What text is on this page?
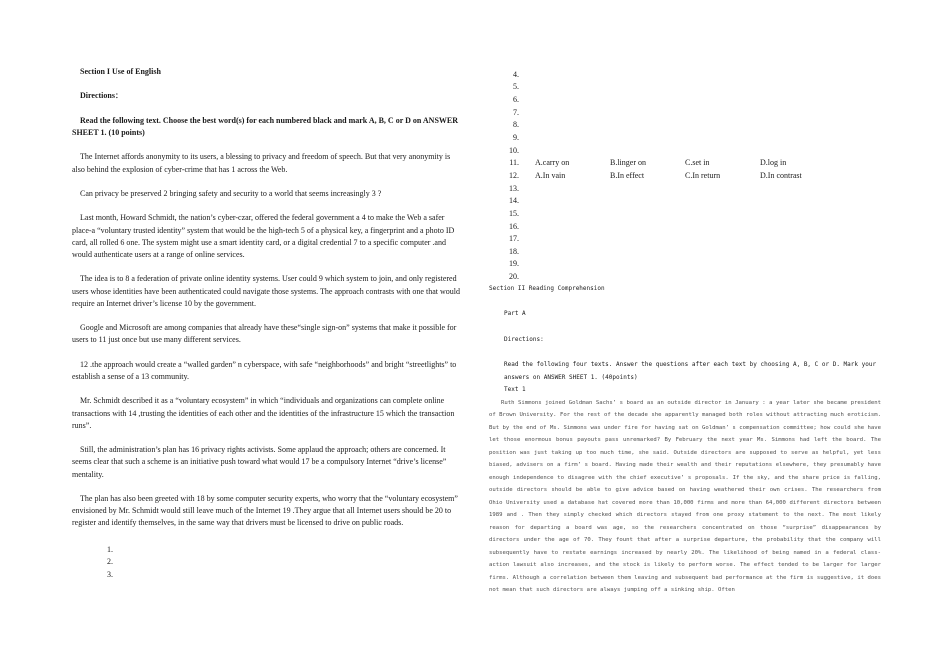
Section I Use of English

Directions：

Read the following text. Choose the best word(s) for each numbered black and mark A, B, C or D on ANSWER SHEET 1. (10 points)

The Internet affords anonymity to its users, a blessing to privacy and freedom of speech. But that very anonymity is also behind the explosion of cyber-crime that has 1 across the Web.

Can privacy be preserved 2 bringing safety and security to a world that seems increasingly 3 ?

Last month, Howard Schmidt, the nation’s cyber-czar, offered the federal government a 4 to make the Web a safer place-a “voluntary trusted identity” system that would be the high-tech 5 of a physical key, a fingerprint and a photo ID card, all rolled 6 one. The system might use a smart identity card, or a digital credential 7 to a specific computer .and would authenticate users at a range of online services.

The idea is to 8 a federation of private online identity systems. User could 9 which system to join, and only registered users whose identities have been authenticated could navigate those systems. The approach contrasts with one that would require an Internet driver’s license 10 by the government.

Google and Microsoft are among companies that already have these“single sign-on” systems that make it possible for users to 11 just once but use many different services.

12 .the approach would create a “walled garden” n cyberspace, with safe “neighborhoods” and bright “streetlights” to establish a sense of a 13 community.

Mr. Schmidt described it as a “voluntary ecosystem” in which “individuals and organizations can complete online transactions with 14 ,trusting the identities of each other and the identities of the infrastructure 15 which the transaction runs”.

Still, the administration’s plan has 16 privacy rights activists. Some applaud the approach; others are concerned. It seems clear that such a scheme is an initiative push toward what would 17 be a compulsory Internet “drive’s license” mentality.

The plan has also been greeted with 18 by some computer security experts, who worry that the “voluntary ecosystem” envisioned by Mr. Schmidt would still leave much of the Internet 19 .They argue that all Internet users should be 20 to register and identify themselves, in the same way that drivers must be licensed to drive on public roads.

1.
2.
3.
4.
5.
6.
7.
8.
9.
10.
11.	A.carry on	B.linger on	C.set in	D.log in
12.	A.In vain	B.In effect	C.In return	D.In contrast
13.
14.
15.
16.
17.
18.
19.
20.
Section II Reading Comprehension
Part A
Directions:
Read the following four texts. Answer the questions after each text by choosing A, B, C or D. Mark your answers on ANSWER SHEET 1. (40points)
Text 1

Ruth Simmons joined Goldman Sachs’ s board as an outside director in January : a year later she became president of Brown University. For the rest of the decade she apparently managed both roles without attracting much eroticism. But by the end of Ms. Simmons was under fire for having sat on Goldman’ s compensation committee; how could she have let those enormous bonus payouts pass unremarked? By February the next year Ms. Simmons had left the board. The position was just taking up too much time, she said. Outside directors are supposed to serve as helpful, yet less biased, advisers on a firm’ s board. Having made their wealth and their reputations elsewhere, they presumably have enough independence to disagree with the chief executive’ s proposals. If the sky, and the share price is falling, outside directors should be able to give advice based on having weathered their own crises. The researchers from Ohio University used a database hat covered more than 10,000 firms and more than 64,000 different directors between 1989 and . Then they simply checked which directors stayed from one proxy statement to the next. The most likely reason for departing a board was age, so the researchers concentrated on those “surprise” disappearances by directors under the age of 70. They fount that after a surprise departure, the probability that the company will subsequently have to restate earnings increased by nearly 20%. The likelihood of being named in a federal class-action lawsuit also increases, and the stock is likely to perform worse. The effect tended to be larger for larger firms. Although a correlation between them leaving and subsequent bad performance at the firm is suggestive, it does not mean that such directors are always jumping off a sinking ship. Often
